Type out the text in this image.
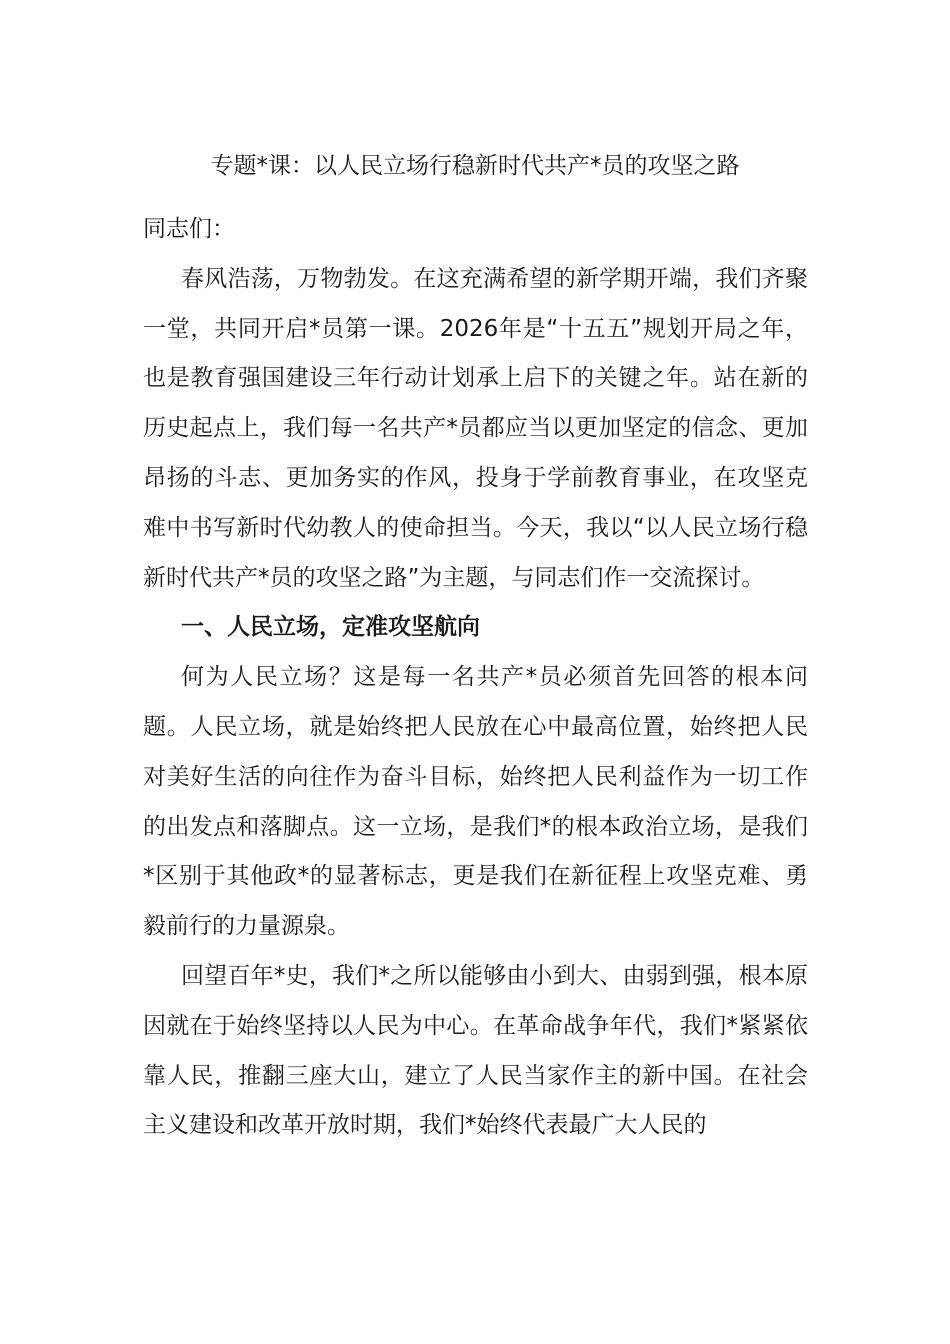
专题*课：以人民立场行稳新时代共产*员的攻坚之路

同志们：

春风浩荡，万物勃发。在这充满希望的新学期开端，我们齐聚一堂，共同开启*员第一课。2026年是“十五五”规划开局之年，也是教育强国建设三年行动计划承上启下的关键之年。站在新的历史起点上，我们每一名共产*员都应当以更加坚定的信念、更加昂扬的斗志、更加务实的作风，投身于学前教育事业，在攻坚克难中书写新时代幼教人的使命担当。今天，我以“以人民立场行稳新时代共产*员的攻坚之路”为主题，与同志们作一交流探讨。

一、人民立场，定准攻坚航向

何为人民立场？这是每一名共产*员必须首先回答的根本问题。人民立场，就是始终把人民放在心中最高位置，始终把人民对美好生活的向往作为奋斗目标，始终把人民利益作为一切工作的出发点和落脚点。这一立场，是我们*的根本政治立场，是我们*区别于其他政*的显著标志，更是我们在新征程上攻坚克难、勇毅前行的力量源泉。

回望百年*史，我们*之所以能够由小到大、由弱到强，根本原因就在于始终坚持以人民为中心。在革命战争年代，我们*紧紧依靠人民，推翻三座大山，建立了人民当家作主的新中国。在社会主义建设和改革开放时期，我们*始终代表最广大人民的
